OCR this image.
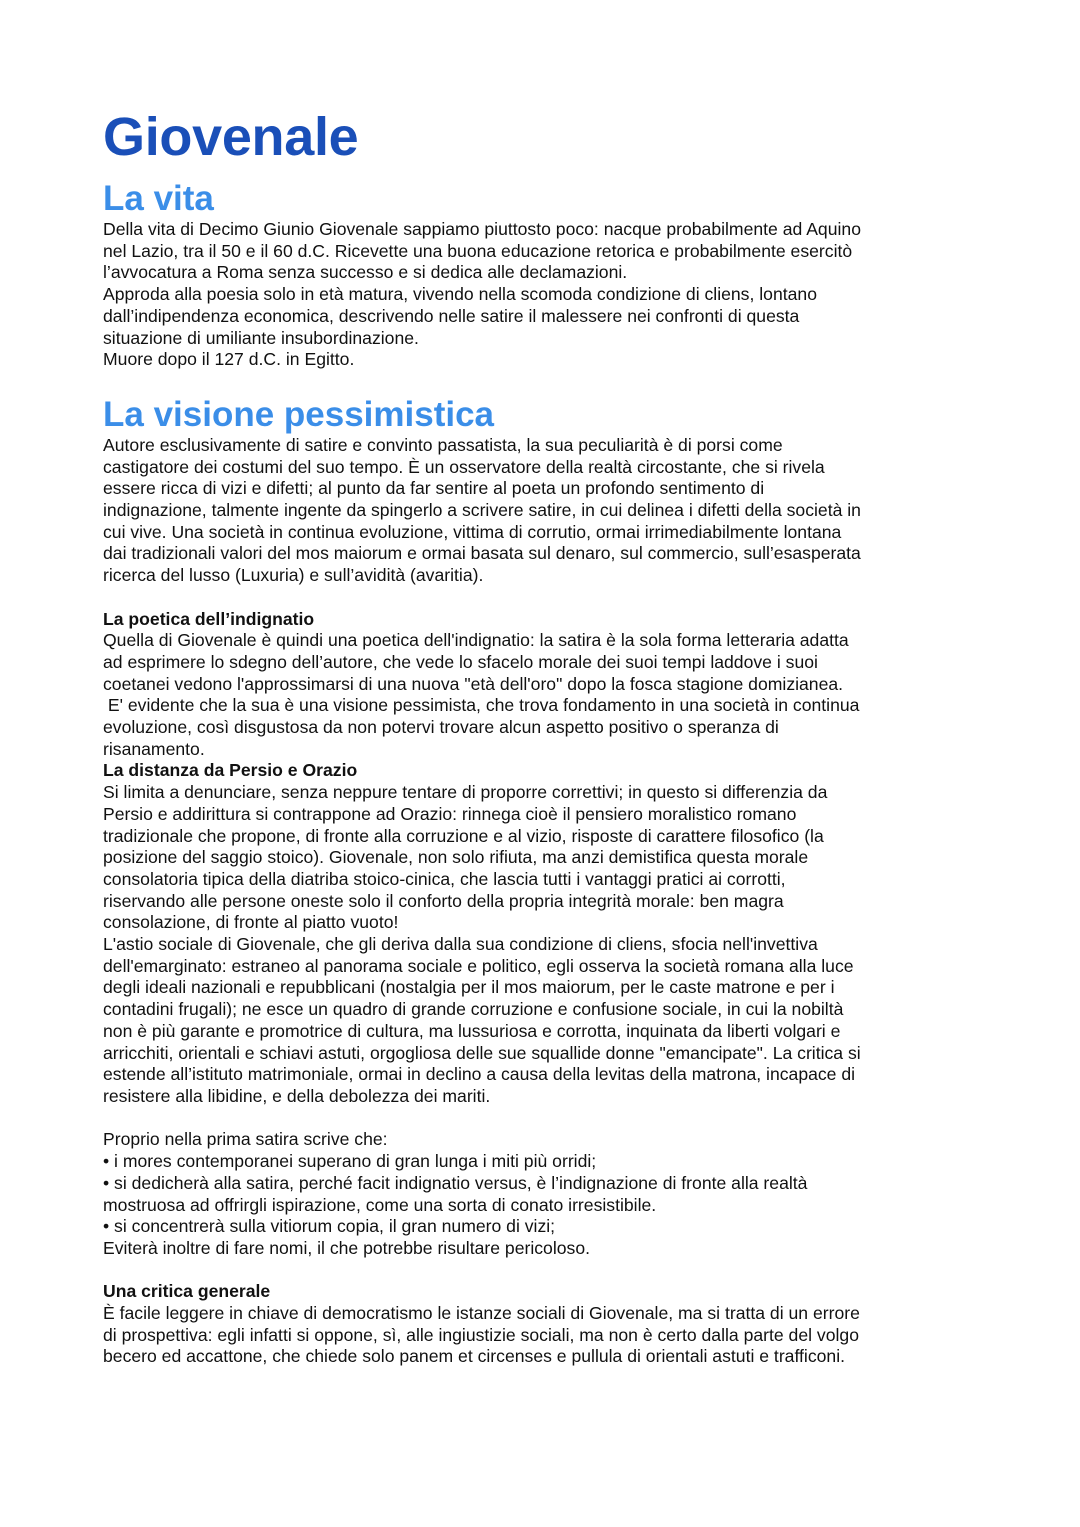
Giovenale
La vita
Della vita di Decimo Giunio Giovenale sappiamo piuttosto poco: nacque probabilmente ad Aquino
nel Lazio, tra il 50 e il 60 d.C. Ricevette una buona educazione retorica e probabilmente esercitò
l’avvocatura a Roma senza successo e si dedica alle declamazioni.
Approda alla poesia solo in età matura, vivendo nella scomoda condizione di cliens, lontano
dall’indipendenza economica, descrivendo nelle satire il malessere nei confronti di questa
situazione di umiliante insubordinazione.
Muore dopo il 127 d.C. in Egitto.
La visione pessimistica
Autore esclusivamente di satire e convinto passatista, la sua peculiarità è di porsi come
castigatore dei costumi del suo tempo. È un osservatore della realtà circostante, che si rivela
essere ricca di vizi e difetti; al punto da far sentire al poeta un profondo sentimento di
indignazione, talmente ingente da spingerlo a scrivere satire, in cui delinea i difetti della società in
cui vive. Una società in continua evoluzione, vittima di corrutio, ormai irrimediabilmente lontana
dai tradizionali valori del mos maiorum e ormai basata sul denaro, sul commercio, sull’esasperata
ricerca del lusso (Luxuria) e sull’avidità (avaritia).
La poetica dell’indignatio
Quella di Giovenale è quindi una poetica dell'indignatio: la satira è la sola forma letteraria adatta
ad esprimere lo sdegno dell’autore, che vede lo sfacelo morale dei suoi tempi laddove i suoi
coetanei vedono l'approssimarsi di una nuova "età dell'oro" dopo la fosca stagione domizianea.
E' evidente che la sua è una visione pessimista, che trova fondamento in una società in continua
evoluzione, così disgustosa da non potervi trovare alcun aspetto positivo o speranza di
risanamento.
La distanza da Persio e Orazio
Si limita a denunciare, senza neppure tentare di proporre correttivi; in questo si differenzia da
Persio e addirittura si contrappone ad Orazio: rinnega cioè il pensiero moralistico romano
tradizionale che propone, di fronte alla corruzione e al vizio, risposte di carattere filosofico (la
posizione del saggio stoico). Giovenale, non solo rifiuta, ma anzi demistifica questa morale
consolatoria tipica della diatriba stoico-cinica, che lascia tutti i vantaggi pratici ai corrotti,
riservando alle persone oneste solo il conforto della propria integrità morale: ben magra
consolazione, di fronte al piatto vuoto!
L'astio sociale di Giovenale, che gli deriva dalla sua condizione di cliens, sfocia nell'invettiva
dell'emarginato: estraneo al panorama sociale e politico, egli osserva la società romana alla luce
degli ideali nazionali e repubblicani (nostalgia per il mos maiorum, per le caste matrone e per i
contadini frugali); ne esce un quadro di grande corruzione e confusione sociale, in cui la nobiltà
non è più garante e promotrice di cultura, ma lussuriosa e corrotta, inquinata da liberti volgari e
arricchiti, orientali e schiavi astuti, orgogliosa delle sue squallide donne "emancipate". La critica si
estende all’istituto matrimoniale, ormai in declino a causa della levitas della matrona, incapace di
resistere alla libidine, e della debolezza dei mariti.
Proprio nella prima satira scrive che:
• i mores contemporanei superano di gran lunga i miti più orridi;
• si dedicherà alla satira, perché facit indignatio versus, è l’indignazione di fronte alla realtà
mostruosa ad offrirgli ispirazione, come una sorta di conato irresistibile.
• si concentrerà sulla vitiorum copia, il gran numero di vizi;
Eviterà inoltre di fare nomi, il che potrebbe risultare pericoloso.
Una critica generale
È facile leggere in chiave di democratismo le istanze sociali di Giovenale, ma si tratta di un errore
di prospettiva: egli infatti si oppone, sì, alle ingiustizie sociali, ma non è certo dalla parte del volgo
becero ed accattone, che chiede solo panem et circenses e pullula di orientali astuti e trafficoni.
